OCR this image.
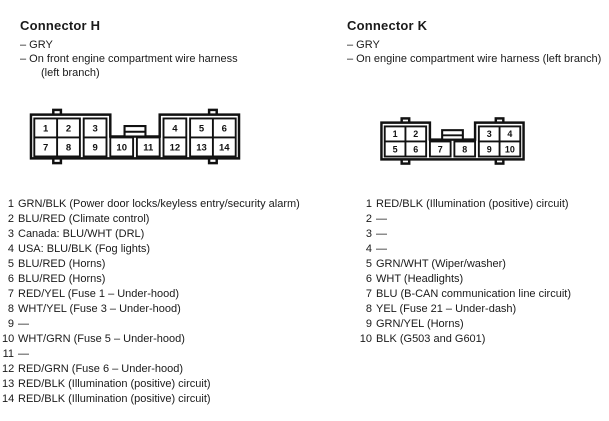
Connector H
– GRY
– On front engine compartment wire harness
(left branch)
1 2 3	4 5 6
7 8 9 10 11 12 13 14
1 GRN/BLK (Power door locks/keyless entry/security alarm)
2 BLU/RED (Climate control)
3 Canada: BLU/WHT (DRL)
4 USA: BLU/BLK (Fog lights)
5 BLU/RED (Horns)
6 BLU/RED (Horns)
7 RED/YEL (Fuse 1 – Under-hood)
8 WHT/YEL (Fuse 3 – Under-hood)
9 —
10 WHT/GRN (Fuse 5 – Under-hood)
11 —
12 RED/GRN (Fuse 6 – Under-hood)
13 RED/BLK (Illumination (positive) circuit)
14 RED/BLK (Illumination (positive) circuit)
Connector K
– GRY
– On engine compartment wire harness (left branch)
1 2	3 4
5 6 7 8 9 10
1 RED/BLK (Illumination (positive) circuit)
2 —
3 —
4 —
5 GRN/WHT (Wiper/washer)
6 WHT (Headlights)
7 BLU (B-CAN communication line circuit)
8 YEL (Fuse 21 – Under-dash)
9 GRN/YEL (Horns)
10 BLK (G503 and G601)
